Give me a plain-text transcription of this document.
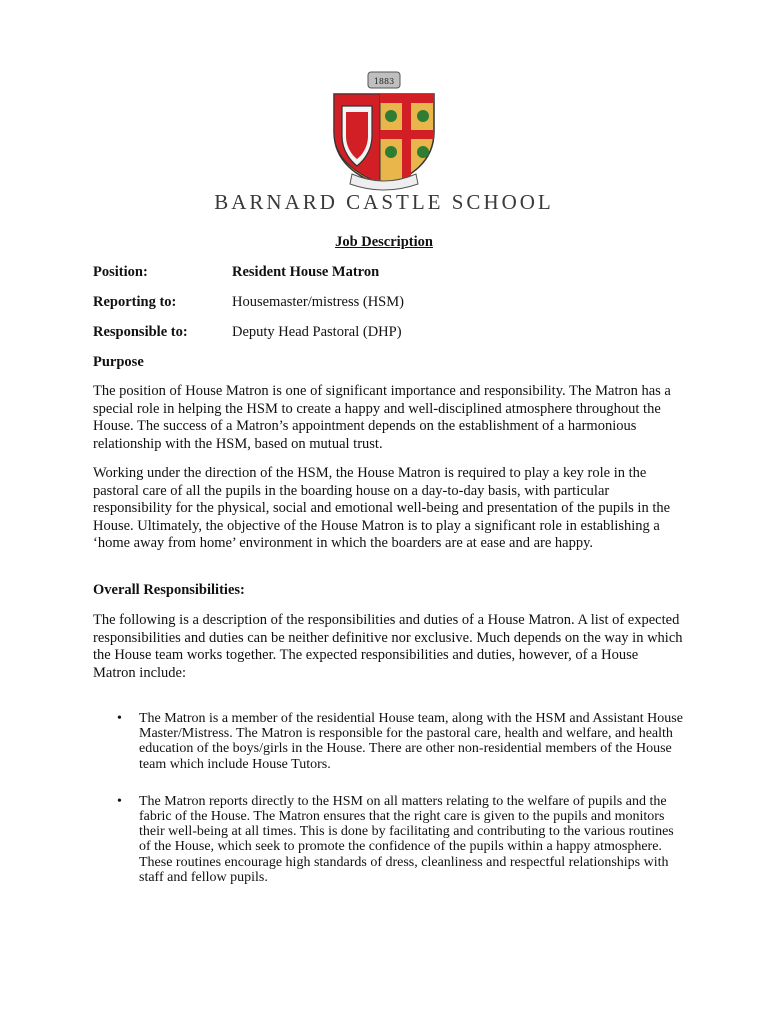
1883
BARNARD CASTLE SCHOOL
Job Description
Position:	Resident House Matron
Reporting to:	Housemaster/mistress (HSM)
Responsible to:	Deputy Head Pastoral (DHP)
Purpose
The position of House Matron is one of significant importance and responsibility. The Matron has a special role in helping the HSM to create a happy and well-disciplined atmosphere throughout the House. The success of a Matron’s appointment depends on the establishment of a harmonious relationship with the HSM, based on mutual trust.
Working under the direction of the HSM, the House Matron is required to play a key role in the pastoral care of all the pupils in the boarding house on a day-to-day basis, with particular responsibility for the physical, social and emotional well-being and presentation of the pupils in the House. Ultimately, the objective of the House Matron is to play a significant role in establishing a ‘home away from home’ environment in which the boarders are at ease and are happy.
Overall Responsibilities:
The following is a description of the responsibilities and duties of a House Matron. A list of expected responsibilities and duties can be neither definitive nor exclusive. Much depends on the way in which the House team works together. The expected responsibilities and duties, however, of a House Matron include:
• The Matron is a member of the residential House team, along with the HSM and Assistant House Master/Mistress. The Matron is responsible for the pastoral care, health and welfare, and health education of the boys/girls in the House. There are other non-residential members of the House team which include House Tutors.
• The Matron reports directly to the HSM on all matters relating to the welfare of pupils and the fabric of the House. The Matron ensures that the right care is given to the pupils and monitors their well-being at all times. This is done by facilitating and contributing to the various routines of the House, which seek to promote the confidence of the pupils within a happy atmosphere. These routines encourage high standards of dress, cleanliness and respectful relationships with staff and fellow pupils.
